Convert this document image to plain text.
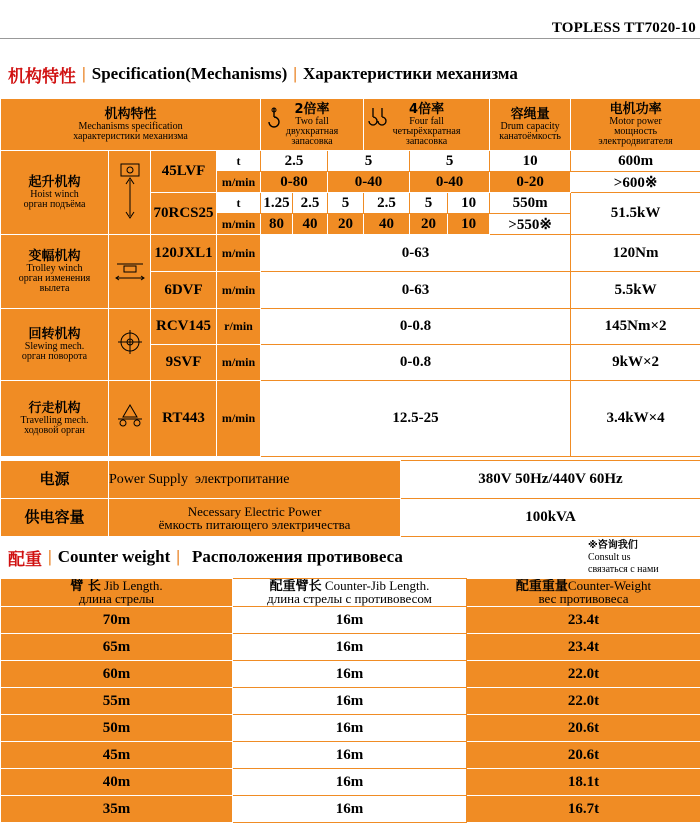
TOPLESS TT7020-10
机构特性 | Specification(Mechanisms) | Характеристики механизма
机构特性
Mechanisms specification
характеристики механизма				2倍率
Two fall
двухкратная
запасовка			4倍率
Four fall
четырёхкратная
запасовка			容绳量
Drum capacity
канатоёмкость	电机功率
Motor power
мощность
электродвигателя	

起升机构
Hoist winch
орган подъёма		45LVF	t	2.5		5		5		10	600m	
			m/min	0-80		0-40		0-40		0-20	>600※	
		70RCS25	t	1.25	2.5	5	2.5	5	10	550m	51.5kW	
			m/min	80	40	20	40	20	10	>550※		

变幅机构
Trolley winch
орган изменения
вылета		120JXL1	m/min	0-63							120Nm	
		6DVF	m/min	0-63							5.5kW	

回转机构
Slewing mech.
орган поворота		RCV145	r/min	0-0.8							145Nm×2	
		9SVF	m/min	0-0.8							9kW×2	

行走机构
Travelling mech.
ходовой орган		RT443	m/min	12.5-25							3.4kW×4	
电源	Power Supply электропитание	380V 50Hz/440V 60Hz

供电容量	Necessary Electric Power
ёмкость питающего электричества	100kVA
配重 | Counter weight | Расположения противовеса
※咨询我们
Consult us
связаться с нами
臂 长 Jib Length.
длина стрелы	配重臂长 Counter-Jib Length.
длина стрелы с противовесом	配重重量Counter-Weight
вес противовеса

70m	16m	23.4t
65m	16m	23.4t
60m	16m	22.0t
55m	16m	22.0t
50m	16m	20.6t
45m	16m	20.6t
40m	16m	18.1t
35m	16m	16.7t
